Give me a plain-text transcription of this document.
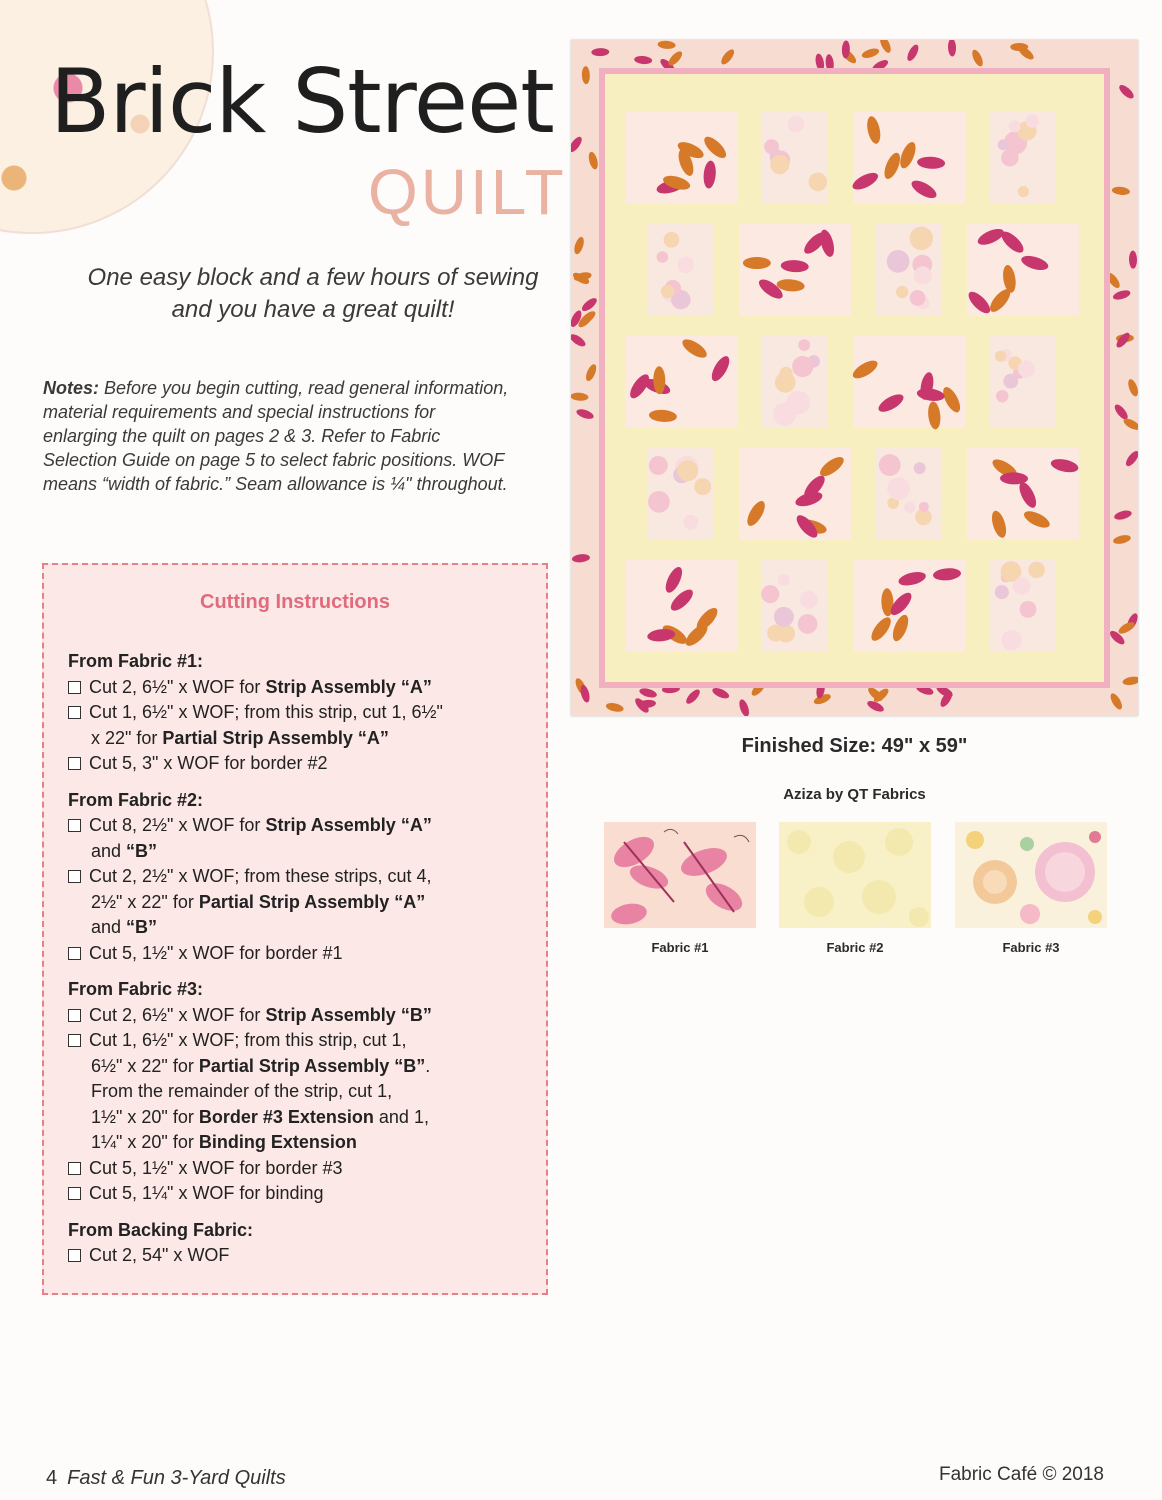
Brick Street
QUILT
One easy block and a few hours of sewing and you have a great quilt!
Notes: Before you begin cutting, read general information, material requirements and special instructions for enlarging the quilt on pages 2 & 3. Refer to Fabric Selection Guide on page 5 to select fabric positions. WOF means “width of fabric.” Seam allowance is ¼" throughout.
Cutting Instructions
From Fabric #1:
Cut 2, 6½" x WOF for Strip Assembly “A”
Cut 1, 6½" x WOF; from this strip, cut 1, 6½"
x 22" for Partial Strip Assembly “A”
Cut 5, 3" x WOF for border #2
From Fabric #2:
Cut 8, 2½" x WOF for Strip Assembly “A”
and “B”
Cut 2, 2½" x WOF; from these strips, cut 4,
2½" x 22" for Partial Strip Assembly “A”
and “B”
Cut 5, 1½" x WOF for border #1
From Fabric #3:
Cut 2, 6½" x WOF for Strip Assembly “B”
Cut 1, 6½" x WOF; from this strip, cut 1,
6½" x 22" for Partial Strip Assembly “B”.
From the remainder of the strip, cut 1,
1½" x 20" for Border #3 Extension and 1,
1¼" x 20" for Binding Extension
Cut 5, 1½" x WOF for border #3
Cut 5, 1¼" x WOF for binding
From Backing Fabric:
Cut 2, 54" x WOF
Finished Size: 49" x 59"
Aziza by QT Fabrics
Fabric #1	Fabric #2	Fabric #3
4 Fast & Fun 3-Yard Quilts	Fabric Café © 2018
